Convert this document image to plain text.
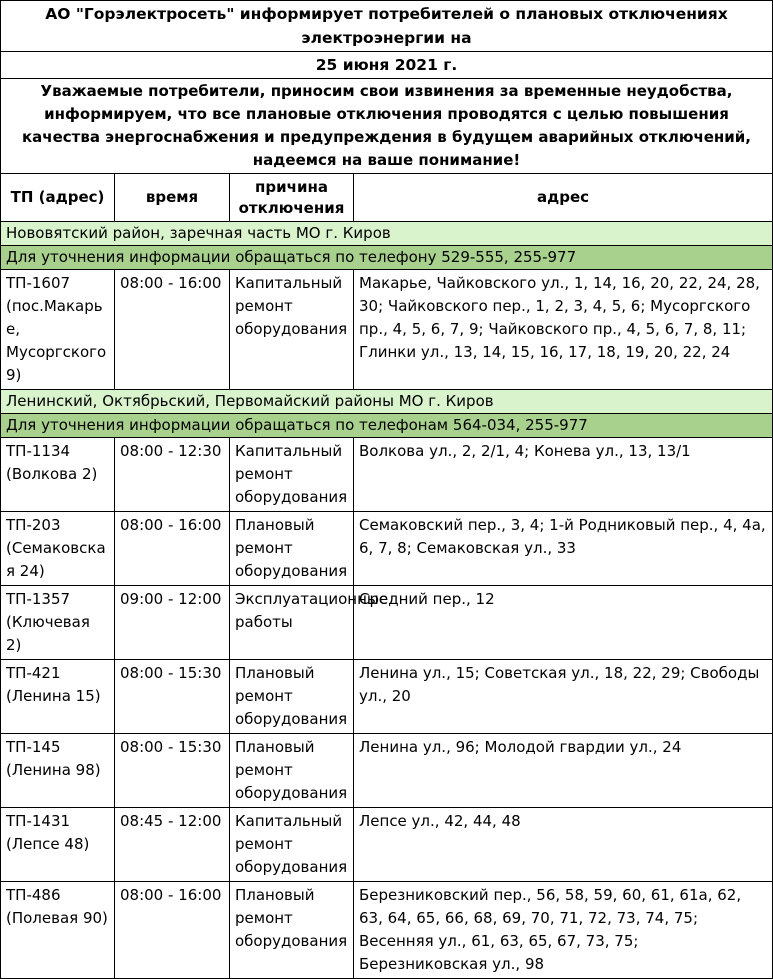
АО "Горэлектросеть" информирует потребителей о плановых отключениях электроэнергии на			

25 июня 2021 г.			
Уважаемые потребители, приносим свои извинения за временные неудобства, информируем, что все плановые отключения проводятся с целью повышения качества энергоснабжения и предупреждения в будущем аварийных отключений, надеемся на ваше понимание!			
ТП (адрес)	время	причина отключения	адрес
Нововятский район, заречная часть МО г. Киров			
Для уточнения информации обращаться по телефону 529-555, 255-977			
ТП-1607 (пос.Макарье, Мусоргского 9)	08:00 - 16:00	Капитальный ремонт оборудования	Макарье, Чайковского ул., 1, 14, 16, 20, 22, 24, 28, 30; Чайковского пер., 1, 2, 3, 4, 5, 6; Мусоргского пр., 4, 5, 6, 7, 9; Чайковского пр., 4, 5, 6, 7, 8, 11; Глинки ул., 13, 14, 15, 16, 17, 18, 19, 20, 22, 24
Ленинский, Октябрьский, Первомайский районы МО г. Киров			
Для уточнения информации обращаться по телефонам 564-034, 255-977			
ТП-1134 (Волкова 2)	08:00 - 12:30	Капитальный ремонт оборудования	Волкова ул., 2, 2/1, 4; Конева ул., 13, 13/1
ТП-203 (Семаковская 24)	08:00 - 16:00	Плановый ремонт оборудования	Семаковский пер., 3, 4; 1-й Родниковый пер., 4, 4а, 6, 7, 8; Семаковская ул., 33
ТП-1357 (Ключевая 2)	09:00 - 12:00	Эксплуатационные работы	Средний пер., 12
ТП-421 (Ленина 15)	08:00 - 15:30	Плановый ремонт оборудования	Ленина ул., 15; Советская ул., 18, 22, 29; Свободы ул., 20
ТП-145 (Ленина 98)	08:00 - 15:30	Плановый ремонт оборудования	Ленина ул., 96; Молодой гвардии ул., 24
ТП-1431 (Лепсе 48)	08:45 - 12:00	Капитальный ремонт оборудования	Лепсе ул., 42, 44, 48
ТП-486 (Полевая 90)	08:00 - 16:00	Плановый ремонт оборудования	Березниковский пер., 56, 58, 59, 60, 61, 61а, 62, 63, 64, 65, 66, 68, 69, 70, 71, 72, 73, 74, 75; Весенняя ул., 61, 63, 65, 67, 73, 75; Березниковская ул., 98
